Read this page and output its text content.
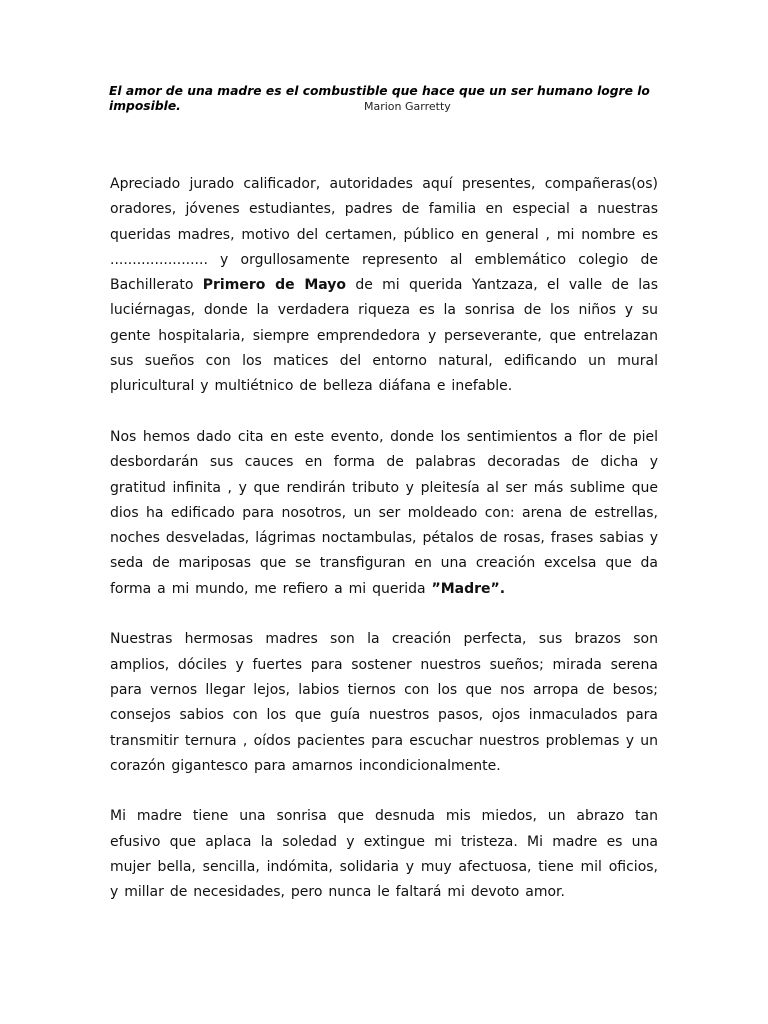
El amor de una madre es el combustible que hace que un ser humano logre lo imposible.	Marion Garretty

Apreciado jurado calificador, autoridades aquí presentes, compañeras(os) oradores, jóvenes estudiantes, padres de familia en especial a nuestras queridas madres, motivo del certamen, público en general , mi nombre es ...................... y orgullosamente represento al emblemático colegio de Bachillerato Primero de Mayo de mi querida Yantzaza, el valle de las luciérnagas, donde la verdadera riqueza es la sonrisa de los niños y su gente hospitalaria, siempre emprendedora y perseverante, que entrelazan sus sueños con los matices del entorno natural, edificando un mural pluricultural y multiétnico de belleza diáfana e inefable.

Nos hemos dado cita en este evento, donde los sentimientos a flor de piel desbordarán sus cauces en forma de palabras decoradas de dicha y gratitud infinita , y que rendirán tributo y pleitesía al ser más sublime que dios ha edificado para nosotros, un ser moldeado con: arena de estrellas, noches desveladas, lágrimas noctambulas, pétalos de rosas, frases sabias y seda de mariposas que se transfiguran en una creación excelsa que da forma a mi mundo, me refiero a mi querida ”Madre”.

Nuestras hermosas madres son la creación perfecta, sus brazos son amplios, dóciles y fuertes para sostener nuestros sueños; mirada serena para vernos llegar lejos, labios tiernos con los que nos arropa de besos; consejos sabios con los que guía nuestros pasos, ojos inmaculados para transmitir ternura , oídos pacientes para escuchar nuestros problemas y un corazón gigantesco para amarnos incondicionalmente.

Mi madre tiene una sonrisa que desnuda mis miedos, un abrazo tan efusivo que aplaca la soledad y extingue mi tristeza. Mi madre es una mujer bella, sencilla, indómita, solidaria y muy afectuosa, tiene mil oficios, y millar de necesidades, pero nunca le faltará mi devoto amor.
